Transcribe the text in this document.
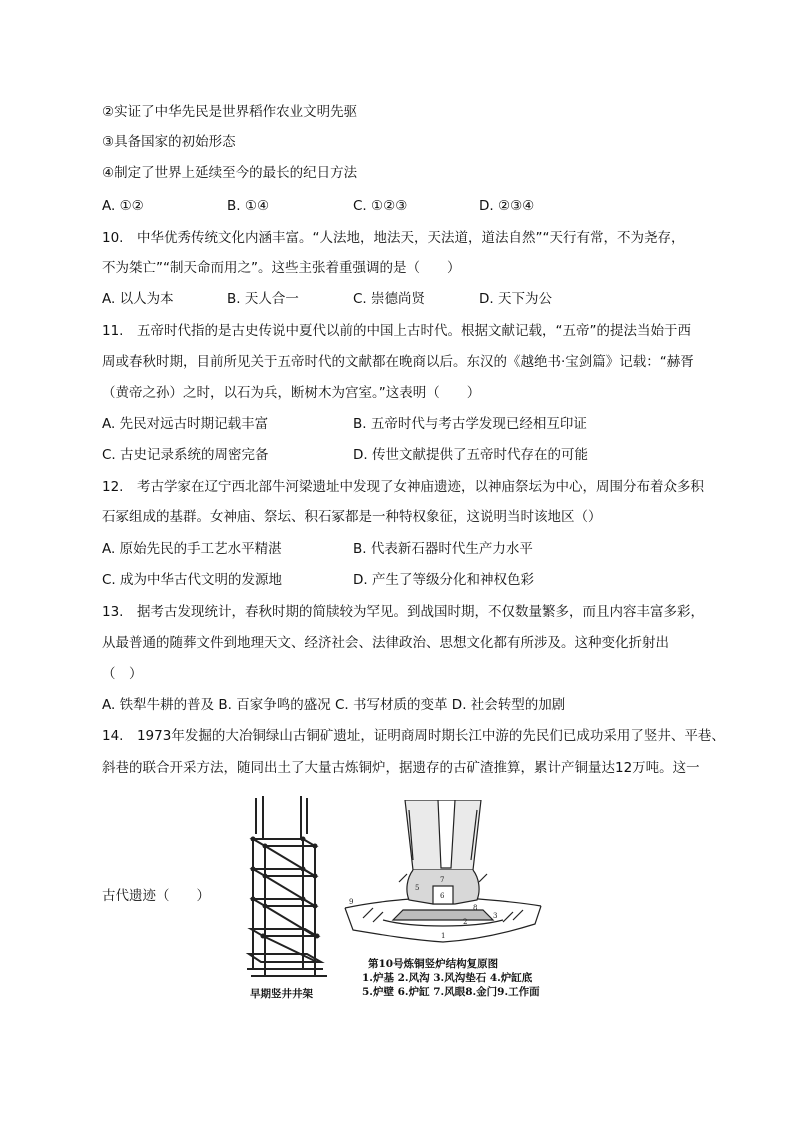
②实证了中华先民是世界稻作农业文明先驱
③具备国家的初始形态
④制定了世界上延续至今的最长的纪日方法
A. ①②	B. ①④	C. ①②③	D. ②③④
10.　中华优秀传统文化内涵丰富。“人法地，地法天，天法道，道法自然”“天行有常，不为尧存，
不为桀亡”“制天命而用之”。这些主张着重强调的是（　　）
A. 以人为本	B. 天人合一	C. 崇德尚贤	D. 天下为公
11.　五帝时代指的是古史传说中夏代以前的中国上古时代。根据文献记载，“五帝”的提法当始于西
周或春秋时期，目前所见关于五帝时代的文献都在晚商以后。东汉的《越绝书·宝剑篇》记载：“赫胥
（黄帝之孙）之时，以石为兵，断树木为宫室。”这表明（　　）
A. 先民对远古时期记载丰富	B. 五帝时代与考古学发现已经相互印证
C. 古史记录系统的周密完备	D. 传世文献提供了五帝时代存在的可能
12.　考古学家在辽宁西北部牛河梁遗址中发现了女神庙遗迹，以神庙祭坛为中心，周围分布着众多积
石冢组成的基群。女神庙、祭坛、积石冢都是一种特权象征，这说明当时该地区（）
A. 原始先民的手工艺水平精湛	B. 代表新石器时代生产力水平
C. 成为中华古代文明的发源地	D. 产生了等级分化和神权色彩
13.　据考古发现统计，春秋时期的简牍较为罕见。到战国时期，不仅数量繁多，而且内容丰富多彩，
从最普通的随葬文件到地理天文、经济社会、法律政治、思想文化都有所涉及。这种变化折射出
（　）
A. 铁犁牛耕的普及 B. 百家争鸣的盛况 C. 书写材质的变革 D. 社会转型的加剧
14.　1973年发掘的大冶铜绿山古铜矿遗址，证明商周时期长江中游的先民们已成功采用了竖井、平巷、
斜巷的联合开采方法，随同出土了大量古炼铜炉，据遗存的古矿渣推算，累计产铜量达12万吨。这一
古代遗迹（　　）
早期竖井井架
7
6
5
9
8
3
1
2
第10号炼铜竖炉结构复原图
1.炉基 2.风沟 3.风沟垫石 4.炉缸底
5.炉壁 6.炉缸 7.风眼8.金门9.工作面
